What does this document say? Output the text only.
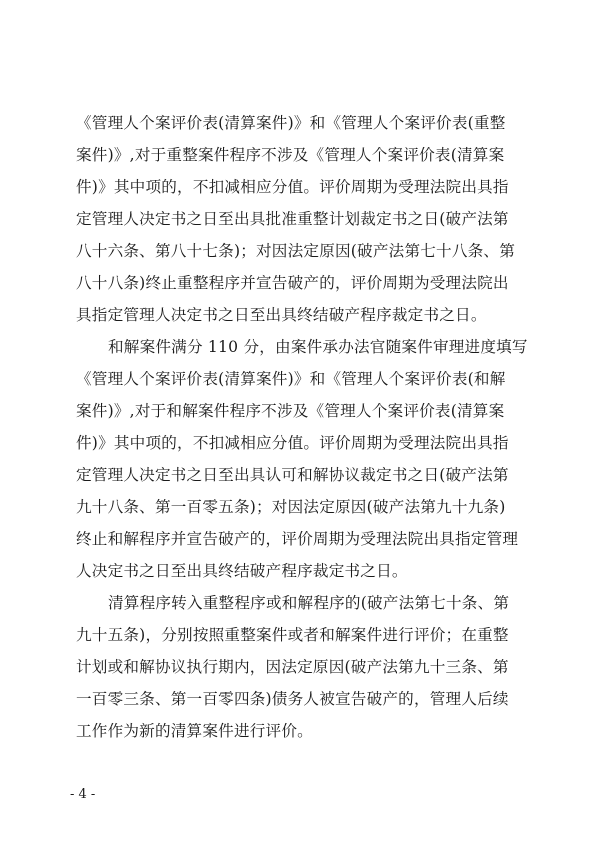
《管理人个案评价表(清算案件)》和《管理人个案评价表(重整
案件)》,对于重整案件程序不涉及《管理人个案评价表(清算案
件)》其中项的，不扣减相应分值。评价周期为受理法院出具指
定管理人决定书之日至出具批准重整计划裁定书之日(破产法第
八十六条、第八十七条)；对因法定原因(破产法第七十八条、第
八十八条)终止重整程序并宣告破产的，评价周期为受理法院出
具指定管理人决定书之日至出具终结破产程序裁定书之日。
和解案件满分 110 分，由案件承办法官随案件审理进度填写
《管理人个案评价表(清算案件)》和《管理人个案评价表(和解
案件)》,对于和解案件程序不涉及《管理人个案评价表(清算案
件)》其中项的，不扣减相应分值。评价周期为受理法院出具指
定管理人决定书之日至出具认可和解协议裁定书之日(破产法第
九十八条、第一百零五条)；对因法定原因(破产法第九十九条)
终止和解程序并宣告破产的，评价周期为受理法院出具指定管理
人决定书之日至出具终结破产程序裁定书之日。
清算程序转入重整程序或和解程序的(破产法第七十条、第
九十五条)，分别按照重整案件或者和解案件进行评价；在重整
计划或和解协议执行期内，因法定原因(破产法第九十三条、第
一百零三条、第一百零四条)债务人被宣告破产的，管理人后续
工作作为新的清算案件进行评价。
- 4 -
